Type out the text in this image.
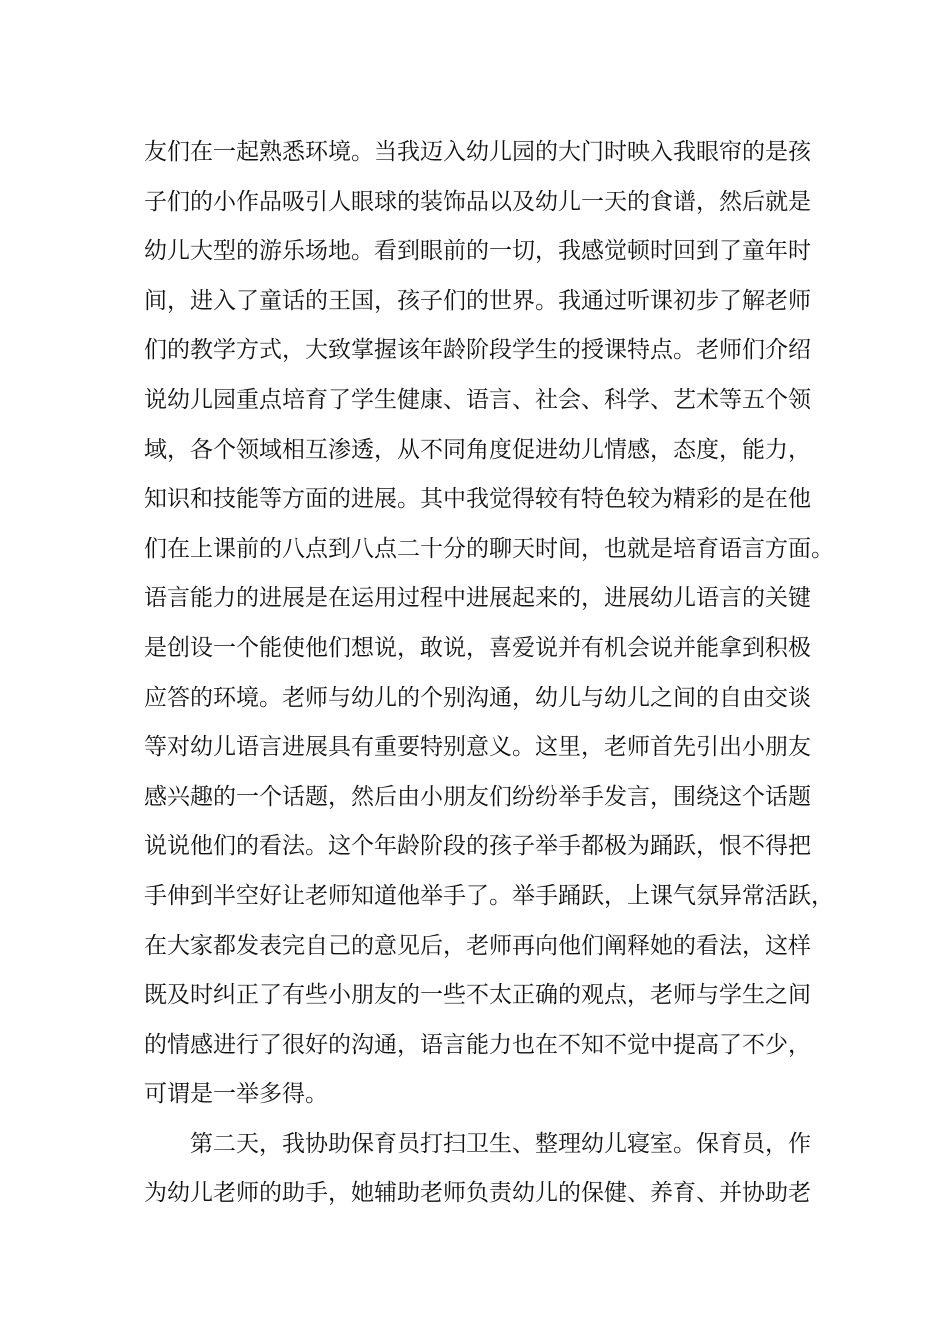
友们在一起熟悉环境。当我迈入幼儿园的大门时映入我眼帘的是孩
子们的小作品吸引人眼球的装饰品以及幼儿一天的食谱，然后就是
幼儿大型的游乐场地。看到眼前的一切，我感觉顿时回到了童年时
间，进入了童话的王国，孩子们的世界。我通过听课初步了解老师
们的教学方式，大致掌握该年龄阶段学生的授课特点。老师们介绍
说幼儿园重点培育了学生健康、语言、社会、科学、艺术等五个领
域，各个领域相互渗透，从不同角度促进幼儿情感，态度，能力，
知识和技能等方面的进展。其中我觉得较有特色较为精彩的是在他
们在上课前的八点到八点二十分的聊天时间，也就是培育语言方面。
语言能力的进展是在运用过程中进展起来的，进展幼儿语言的关键
是创设一个能使他们想说，敢说，喜爱说并有机会说并能拿到积极
应答的环境。老师与幼儿的个别沟通，幼儿与幼儿之间的自由交谈
等对幼儿语言进展具有重要特别意义。这里，老师首先引出小朋友
感兴趣的一个话题，然后由小朋友们纷纷举手发言，围绕这个话题
说说他们的看法。这个年龄阶段的孩子举手都极为踊跃，恨不得把
手伸到半空好让老师知道他举手了。举手踊跃，上课气氛异常活跃，
在大家都发表完自己的意见后，老师再向他们阐释她的看法，这样
既及时纠正了有些小朋友的一些不太正确的观点，老师与学生之间
的情感进行了很好的沟通，语言能力也在不知不觉中提高了不少，
可谓是一举多得。
第二天，我协助保育员打扫卫生、整理幼儿寝室。保育员，作
为幼儿老师的助手，她辅助老师负责幼儿的保健、养育、并协助老
